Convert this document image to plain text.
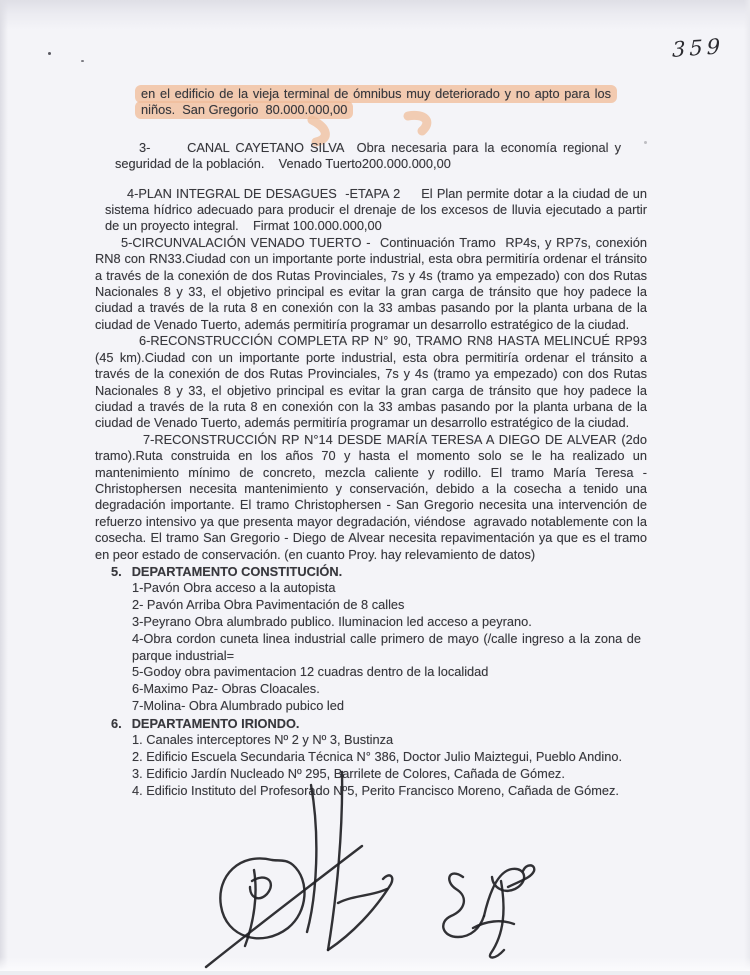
359

en el edificio de la vieja terminal de ómnibus muy deteriorado y no apto para los niños.  San Gregorio  80.000.000,00

3-      CANAL CAYETANO SILVA  Obra necesaria para la economía regional y seguridad de la población.    Venado Tuerto200.000.000,00

4-PLAN INTEGRAL DE DESAGUES  -ETAPA 2     El Plan permite dotar a la ciudad de un sistema hídrico adecuado para producir el drenaje de los excesos de lluvia ejecutado a partir de un proyecto integral.    Firmat 100.000.000,00

5-CIRCUNVALACIÓN VENADO TUERTO -  Continuación Tramo  RP4s, y RP7s, conexión RN8 con RN33.Ciudad con un importante porte industrial, esta obra permitiría ordenar el tránsito a través de la conexión de dos Rutas Provinciales, 7s y 4s (tramo ya empezado) con dos Rutas Nacionales 8 y 33, el objetivo principal es evitar la gran carga de tránsito que hoy padece la ciudad a través de la ruta 8 en conexión con la 33 ambas pasando por la planta urbana de la ciudad de Venado Tuerto, además permitiría programar un desarrollo estratégico de la ciudad.

6-RECONSTRUCCIÓN COMPLETA RP N° 90, TRAMO RN8 HASTA MELINCUÉ RP93 (45 km).Ciudad con un importante porte industrial, esta obra permitiría ordenar el tránsito a través de la conexión de dos Rutas Provinciales, 7s y 4s (tramo ya empezado) con dos Rutas Nacionales 8 y 33, el objetivo principal es evitar la gran carga de tránsito que hoy padece la ciudad a través de la ruta 8 en conexión con la 33 ambas pasando por la planta urbana de la ciudad de Venado Tuerto, además permitiría programar un desarrollo estratégico de la ciudad.

7-RECONSTRUCCIÓN RP N°14 DESDE MARÍA TERESA A DIEGO DE ALVEAR (2do tramo).Ruta construida en los años 70 y hasta el momento solo se le ha realizado un mantenimiento mínimo de concreto, mezcla caliente y rodillo. El tramo María Teresa - Christophersen necesita mantenimiento y conservación, debido a la cosecha a tenido una degradación importante. El tramo Christophersen - San Gregorio necesita una intervención de refuerzo intensivo ya que presenta mayor degradación, viéndose  agravado notablemente con la cosecha. El tramo San Gregorio - Diego de Alvear necesita repavimentación ya que es el tramo en peor estado de conservación. (en cuanto Proy. hay relevamiento de datos)

5. DEPARTAMENTO CONSTITUCIÓN.
1-Pavón Obra acceso a la autopista
2- Pavón Arriba Obra Pavimentación de 8 calles
3-Peyrano Obra alumbrado publico. Iluminacion led acceso a peyrano.
4-Obra cordon cuneta linea industrial calle primero de mayo (/calle ingreso a la zona de parque industrial=
5-Godoy obra pavimentacion 12 cuadras dentro de la localidad
6-Maximo Paz- Obras Cloacales.
7-Molina- Obra Alumbrado pubico led
6. DEPARTAMENTO IRIONDO.
1. Canales interceptores Nº 2 y Nº 3, Bustinza
2. Edificio Escuela Secundaria Técnica N° 386, Doctor Julio Maiztegui, Pueblo Andino.
3. Edificio Jardín Nucleado Nº 295, Barrilete de Colores, Cañada de Gómez.
4. Edificio Instituto del Profesorado Nº5, Perito Francisco Moreno, Cañada de Gómez.
